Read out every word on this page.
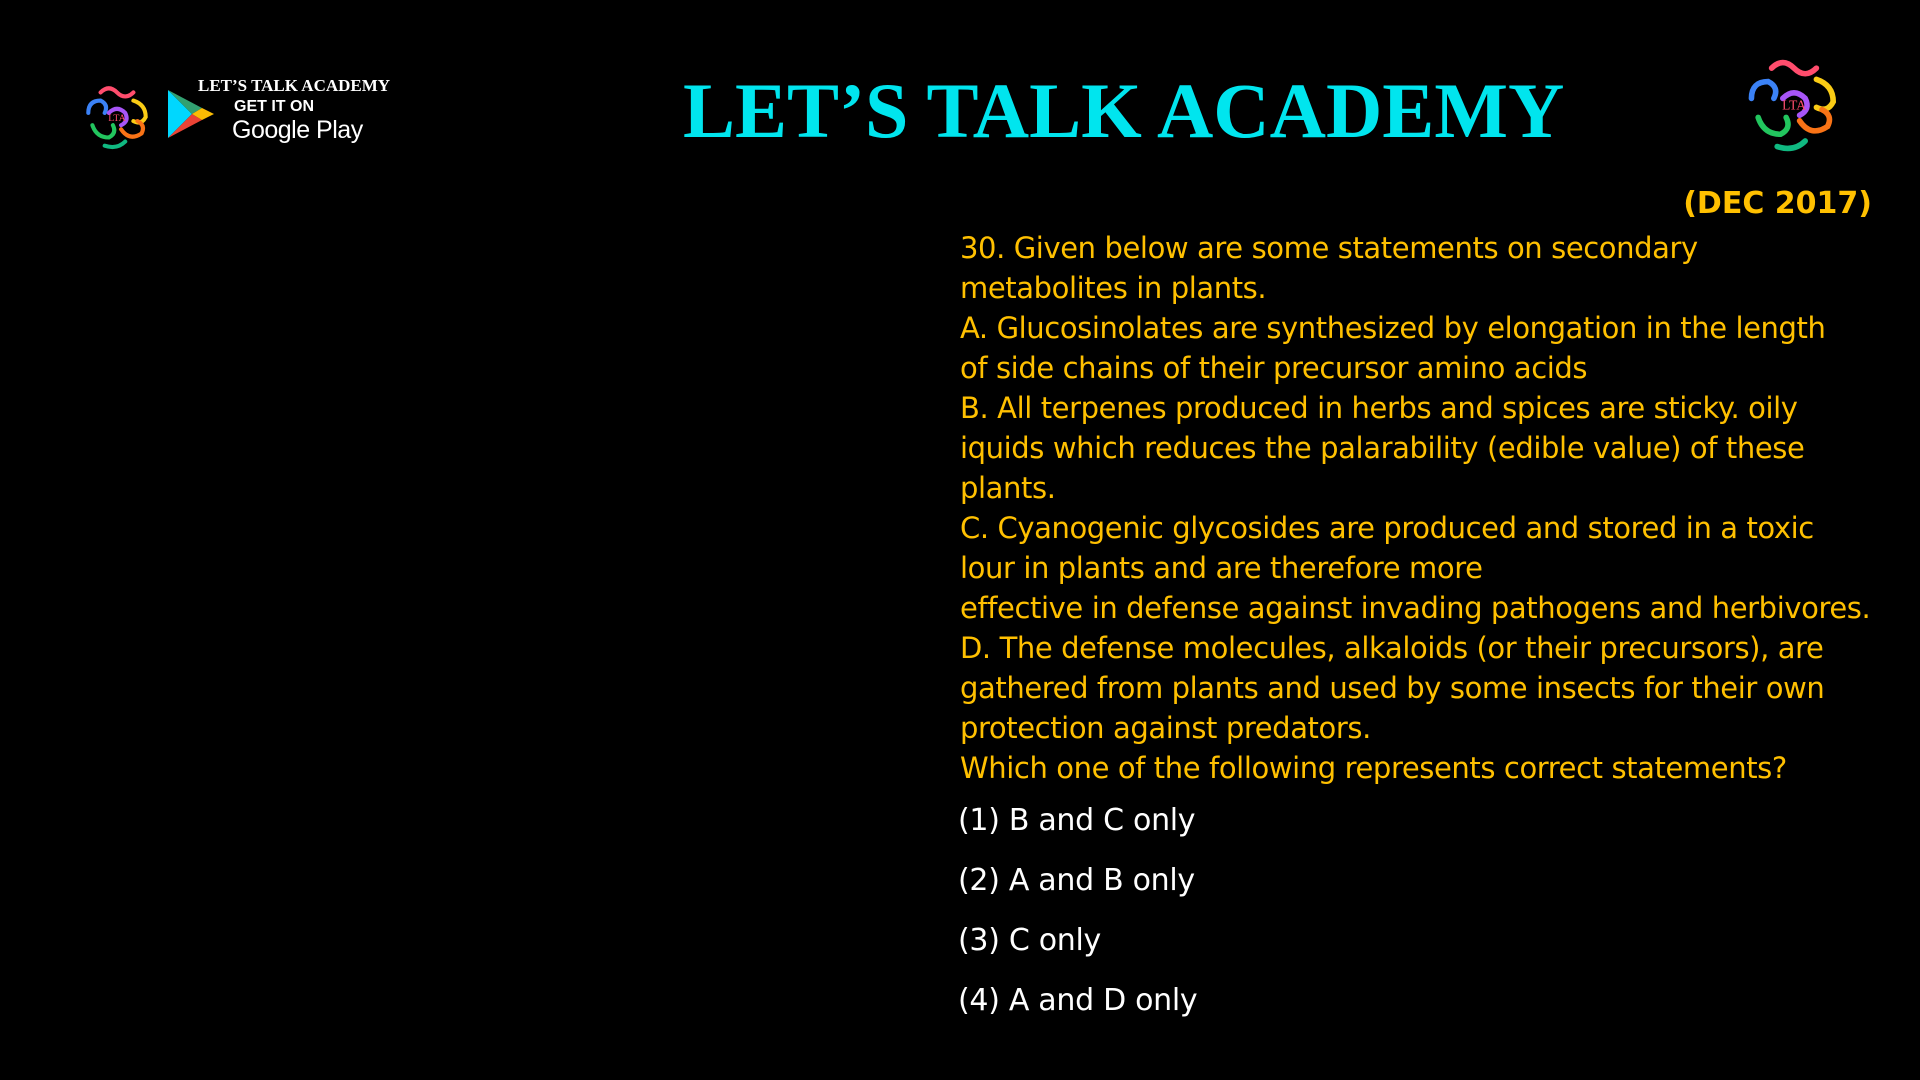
LTA
LET’S TALK ACADEMY
GET IT ON
Google Play	LET’S TALK ACADEMY	LTA
(DEC 2017)
30. Given below are some statements on secondary
metabolites in plants.
A. Glucosinolates are synthesized by elongation in the length
of side chains of their precursor amino acids
B. All terpenes produced in herbs and spices are sticky. oily
iquids which reduces the palarability (edible value) of these
plants.
C. Cyanogenic glycosides are produced and stored in a toxic
lour in plants and are therefore more
effective in defense against invading pathogens and herbivores.
D. The defense molecules, alkaloids (or their precursors), are
gathered from plants and used by some insects for their own
protection against predators.
Which one of the following represents correct statements?
(1) B and C only
(2) A and B only
(3) C only
(4) A and D only
